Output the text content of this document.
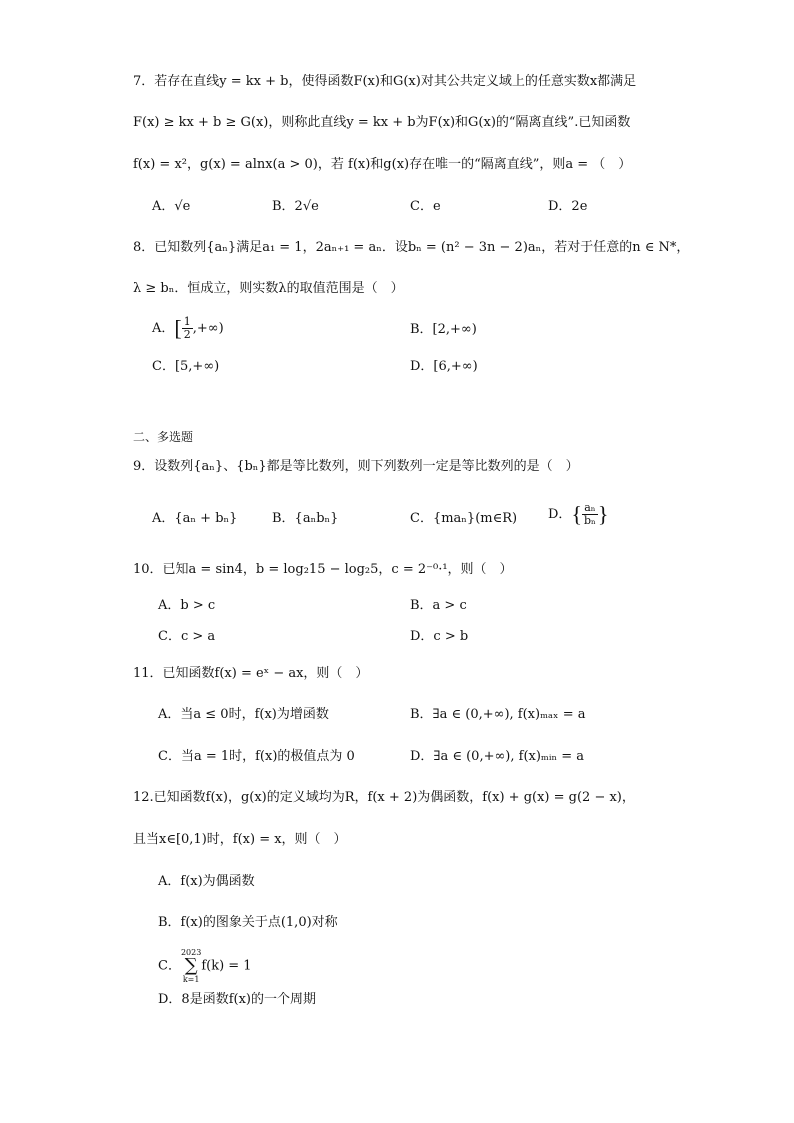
7．若存在直线y = kx + b，使得函数F(x)和G(x)对其公共定义域上的任意实数x都满足
F(x) ≥ kx + b ≥ G(x)，则称此直线y = kx + b为F(x)和G(x)的“隔离直线”.已知函数
f(x) = x²，g(x) = alnx(a > 0)，若 f(x)和g(x)存在唯一的“隔离直线”，则a = （　）
A．√e	B．2√e	C．e	D．2e
8．已知数列{aₙ}满足a₁ = 1，2aₙ₊₁ = aₙ．设bₙ = (n² − 3n − 2)aₙ，若对于任意的n ∈ N*，
λ ≥ bₙ．恒成立，则实数λ的取值范围是（　）
A．[ $\frac{1}{2}$ ,+∞)	B．[2,+∞)
C．[5,+∞)	D．[6,+∞)
二、多选题
9．设数列{aₙ}、{bₙ}都是等比数列，则下列数列一定是等比数列的是（　）
A．{aₙ + bₙ}	B．{aₙbₙ}	C．{maₙ}(m∈R) D．{ $\frac{\text{aₙ}}{\text{bₙ}}$ }
10．已知a = sin4，b = log₂15 − log₂5，c = 2⁻⁰·¹，则（　）
A．b > c	B．a > c
C．c > a	D．c > b
11．已知函数f(x) = eˣ − ax，则（　）
A．当a ≤ 0时，f(x)为增函数	B．∃a ∈ (0,+∞), f(x)ₘₐₓ = a
C．当a = 1时，f(x)的极值点为 0	D．∃a ∈ (0,+∞), f(x)ₘᵢₙ = a
12.已知函数f(x)，g(x)的定义域均为R，f(x + 2)为偶函数，f(x) + g(x) = g(2 − x)，
且当x∈[0,1)时，f(x) = x，则（　）
A．f(x)为偶函数
B．f(x)的图象关于点(1,0)对称
C．2023
∑
k=1f(k) = 1
D．8是函数f(x)的一个周期
